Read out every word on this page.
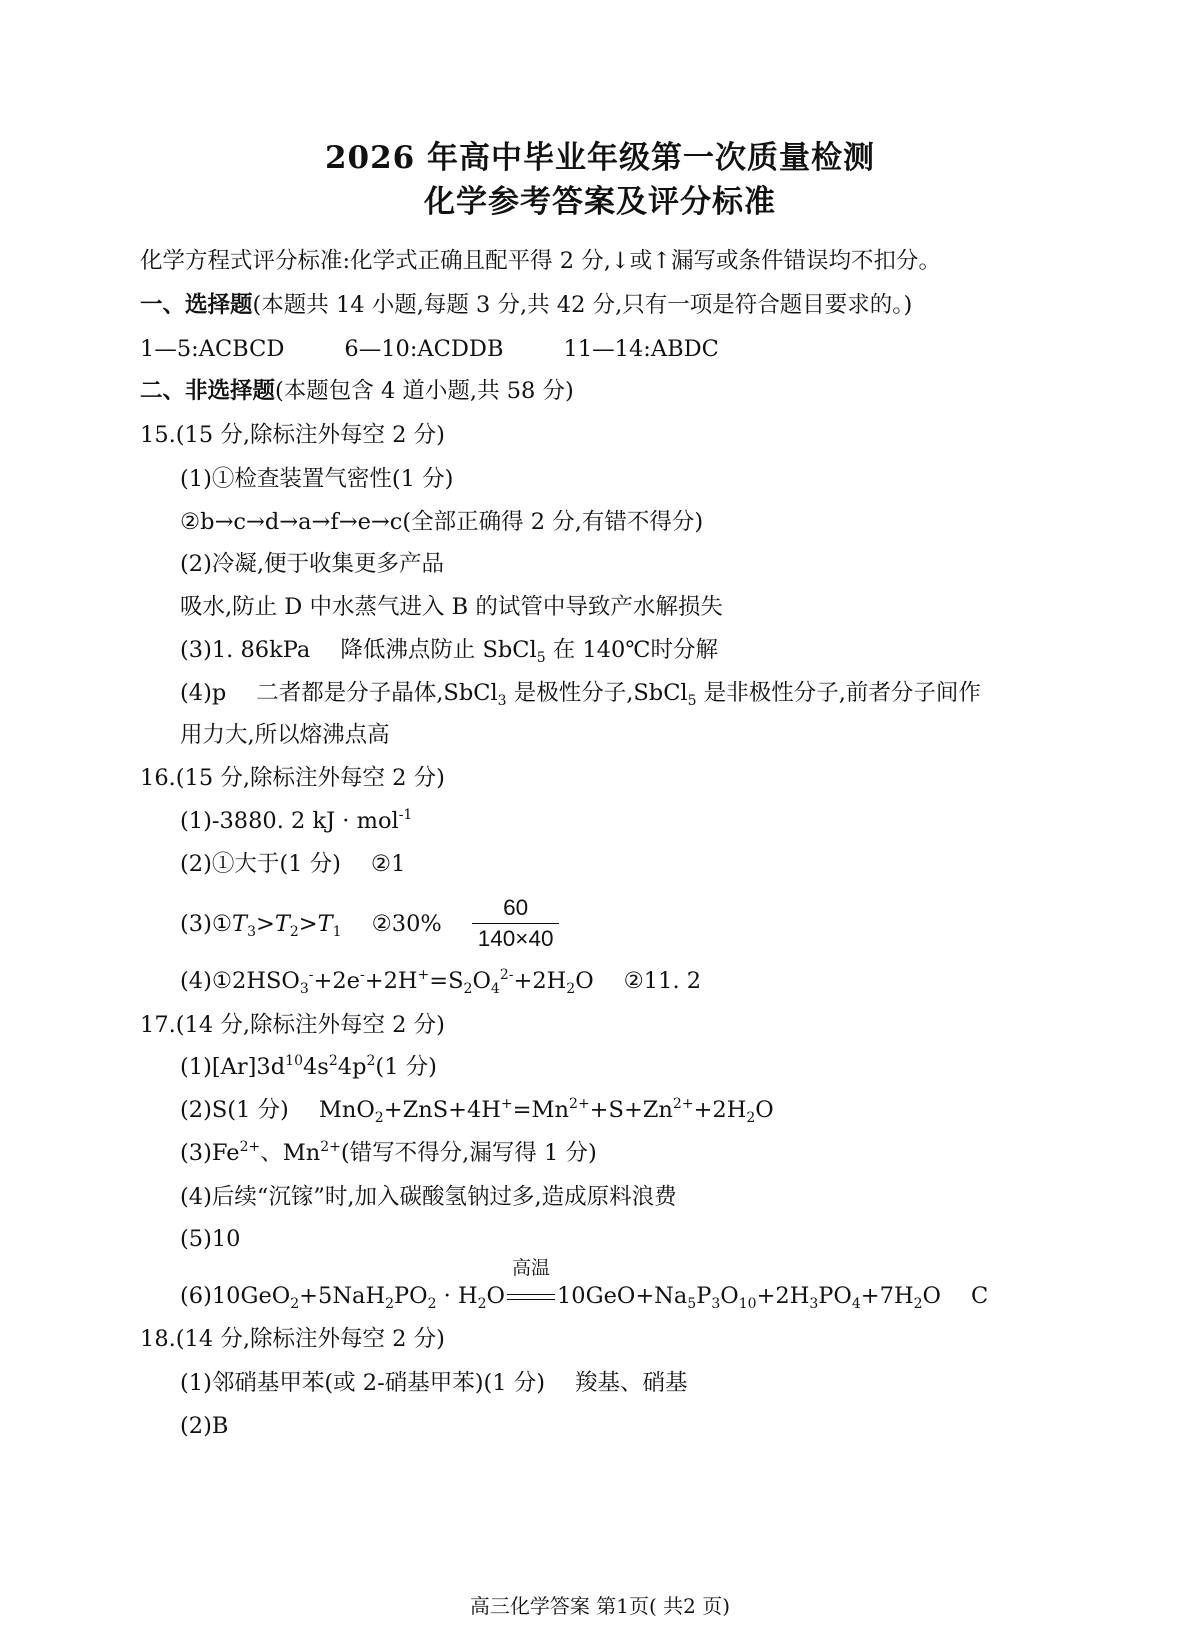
2026 年高中毕业年级第一次质量检测
化学参考答案及评分标准
化学方程式评分标准:化学式正确且配平得 2 分,↓或↑漏写或条件错误均不扣分。
一、选择题(本题共 14 小题,每题 3 分,共 42 分,只有一项是符合题目要求的。)
1—5:ACBCD	6—10:ACDDB	11—14:ABDC
二、非选择题(本题包含 4 道小题,共 58 分)
15.(15 分,除标注外每空 2 分)
(1)①检查装置气密性(1 分)
②b→c→d→a→f→e→c(全部正确得 2 分,有错不得分)
(2)冷凝,便于收集更多产品
吸水,防止 D 中水蒸气进入 B 的试管中导致产水解损失
(3)1. 86kPa 降低沸点防止 SbCl$_5$ 在 140℃时分解
(4)p 二者都是分子晶体,SbCl$_3$ 是极性分子,SbCl$_5$ 是非极性分子,前者分子间作
用力大,所以熔沸点高
16.(15 分,除标注外每空 2 分)
(1)-3880. 2 kJ · mol$^{-1}$
(2)①大于(1 分) ②1
$(3)①T_3>T_2>T_1$ ②30% $\frac{60}{140\times 40}$
$(4)①2HSO_3^-+2e^-+2H^+=S_2O_4^{2-}+2H_2O$ ②11. 2
17.(14 分,除标注外每空 2 分)
$(1)[Ar]3d^{10}4s^24p^2(1$ 分)
(2)S(1 分) $MnO_2+ZnS+4H^+=Mn^{2+}+S+Zn^{2+}+2H_2O$
$(3)Fe^{2+}$、$Mn^{2+}$(错写不得分,漏写得 1 分)
(4)后续“沉镓”时,加入碳酸氢钠过多,造成原料浪费
(5)10
$(6)10GeO_2+5NaH_2PO_2 \cdot H_2O$
高温
$10GeO+Na_5P_3O_{10}+2H_3PO_4+7H_2O$ C
18.(14 分,除标注外每空 2 分)
(1)邻硝基甲苯(或 2-硝基甲苯)(1 分) 羧基、硝基
(2)B
高三化学答案 第1页( 共2 页)
